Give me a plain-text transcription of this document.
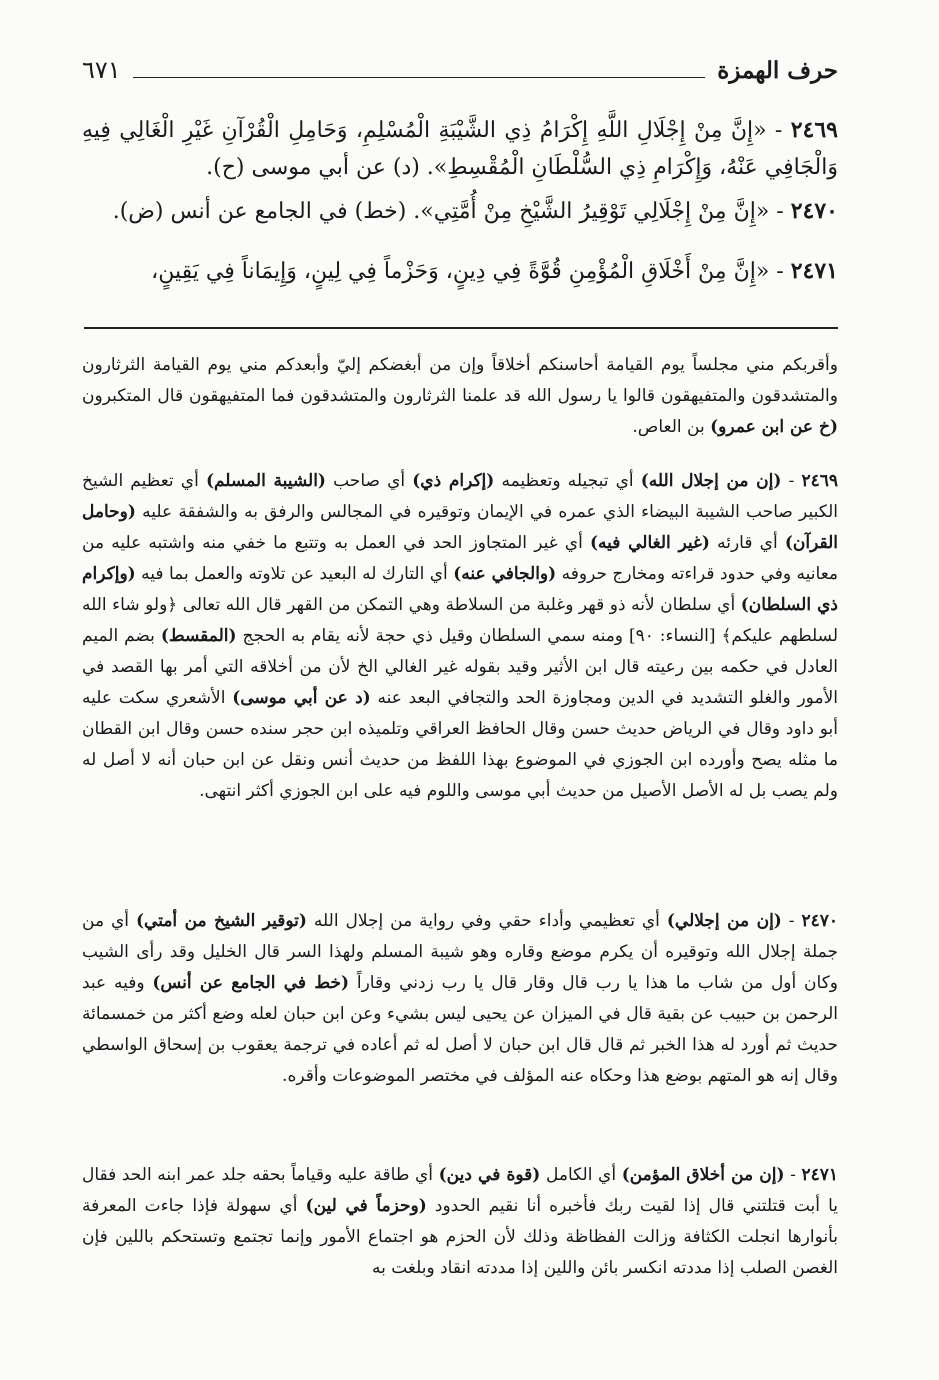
حرف الهمزة
٦٧١
٢٤٦٩ - «إِنَّ مِنْ إِجْلَالِ اللَّهِ إِكْرَامُ ذِي الشَّيْبَةِ الْمُسْلِمِ، وَحَامِلِ الْقُرْآنِ غَيْرِ الْغَالِي فِيهِ وَالْجَافِي عَنْهُ، وَإِكْرَامِ ذِي السُّلْطَانِ الْمُقْسِطِ». (د) عن أبي موسى (ح).
٢٤٧٠ - «إِنَّ مِنْ إِجْلَالِي تَوْقِيرُ الشَّيْخِ مِنْ أُمَّتِي». (خط) في الجامع عن أنس (ض).
٢٤٧١ - «إِنَّ مِنْ أَخْلَاقِ الْمُؤْمِنِ قُوَّةً فِي دِينٍ، وَحَزْماً فِي لِينٍ، وَإِيمَاناً فِي يَقِينٍ،

وأقربكم مني مجلساً يوم القيامة أحاسنكم أخلاقاً وإن من أبغضكم إليّ وأبعدكم مني يوم القيامة الثرثارون والمتشدقون والمتفيهقون قالوا يا رسول الله قد علمنا الثرثارون والمتشدقون فما المتفيهقون قال المتكبرون (خ عن ابن عمرو) بن العاص.

٢٤٦٩ - (إن من إجلال الله) أي تبجيله وتعظيمه (إكرام ذي) أي صاحب (الشيبة المسلم) أي تعظيم الشيخ الكبير صاحب الشيبة البيضاء الذي عمره في الإيمان وتوقيره في المجالس والرفق به والشفقة عليه (وحامل القرآن) أي قارئه (غير الغالي فيه) أي غير المتجاوز الحد في العمل به وتتبع ما خفي منه واشتبه عليه من معانيه وفي حدود قراءته ومخارج حروفه (والجافي عنه) أي التارك له البعيد عن تلاوته والعمل بما فيه (وإكرام ذي السلطان) أي سلطان لأنه ذو قهر وغلبة من السلاطة وهي التمكن من القهر قال الله تعالى ﴿ولو شاء الله لسلطهم عليكم﴾ [النساء: ٩٠] ومنه سمي السلطان وقيل ذي حجة لأنه يقام به الحجج (المقسط) بضم الميم العادل في حكمه بين رعيته قال ابن الأثير وقيد بقوله غير الغالي الخ لأن من أخلاقه التي أمر بها القصد في الأمور والغلو التشديد في الدين ومجاوزة الحد والتجافي البعد عنه (د عن أبي موسى) الأشعري سكت عليه أبو داود وقال في الرياض حديث حسن وقال الحافظ العراقي وتلميذه ابن حجر سنده حسن وقال ابن القطان ما مثله يصح وأورده ابن الجوزي في الموضوع بهذا اللفظ من حديث أنس ونقل عن ابن حبان أنه لا أصل له ولم يصب بل له الأصل الأصيل من حديث أبي موسى واللوم فيه على ابن الجوزي أكثر انتهى.

٢٤٧٠ - (إن من إجلالي) أي تعظيمي وأداء حقي وفي رواية من إجلال الله (توقير الشيخ من أمتي) أي من جملة إجلال الله وتوقيره أن يكرم موضع وقاره وهو شيبة المسلم ولهذا السر قال الخليل وقد رأى الشيب وكان أول من شاب ما هذا يا رب قال وقار قال يا رب زدني وقاراً (خط في الجامع عن أنس) وفيه عبد الرحمن بن حبيب عن بقية قال في الميزان عن يحيى ليس بشيء وعن ابن حبان لعله وضع أكثر من خمسمائة حديث ثم أورد له هذا الخبر ثم قال قال ابن حبان لا أصل له ثم أعاده في ترجمة يعقوب بن إسحاق الواسطي وقال إنه هو المتهم بوضع هذا وحكاه عنه المؤلف في مختصر الموضوعات وأقره.

٢٤٧١ - (إن من أخلاق المؤمن) أي الكامل (قوة في دين) أي طاقة عليه وقياماً بحقه جلد عمر ابنه الحد فقال يا أبت قتلتني قال إذا لقيت ربك فأخبره أنا نقيم الحدود (وحزماً في لين) أي سهولة فإذا جاءت المعرفة بأنوارها انجلت الكثافة وزالت الفظاظة وذلك لأن الحزم هو اجتماع الأمور وإنما تجتمع وتستحكم باللين فإن الغصن الصلب إذا مددته انكسر بائن واللين إذا مددته انقاد وبلغت به
